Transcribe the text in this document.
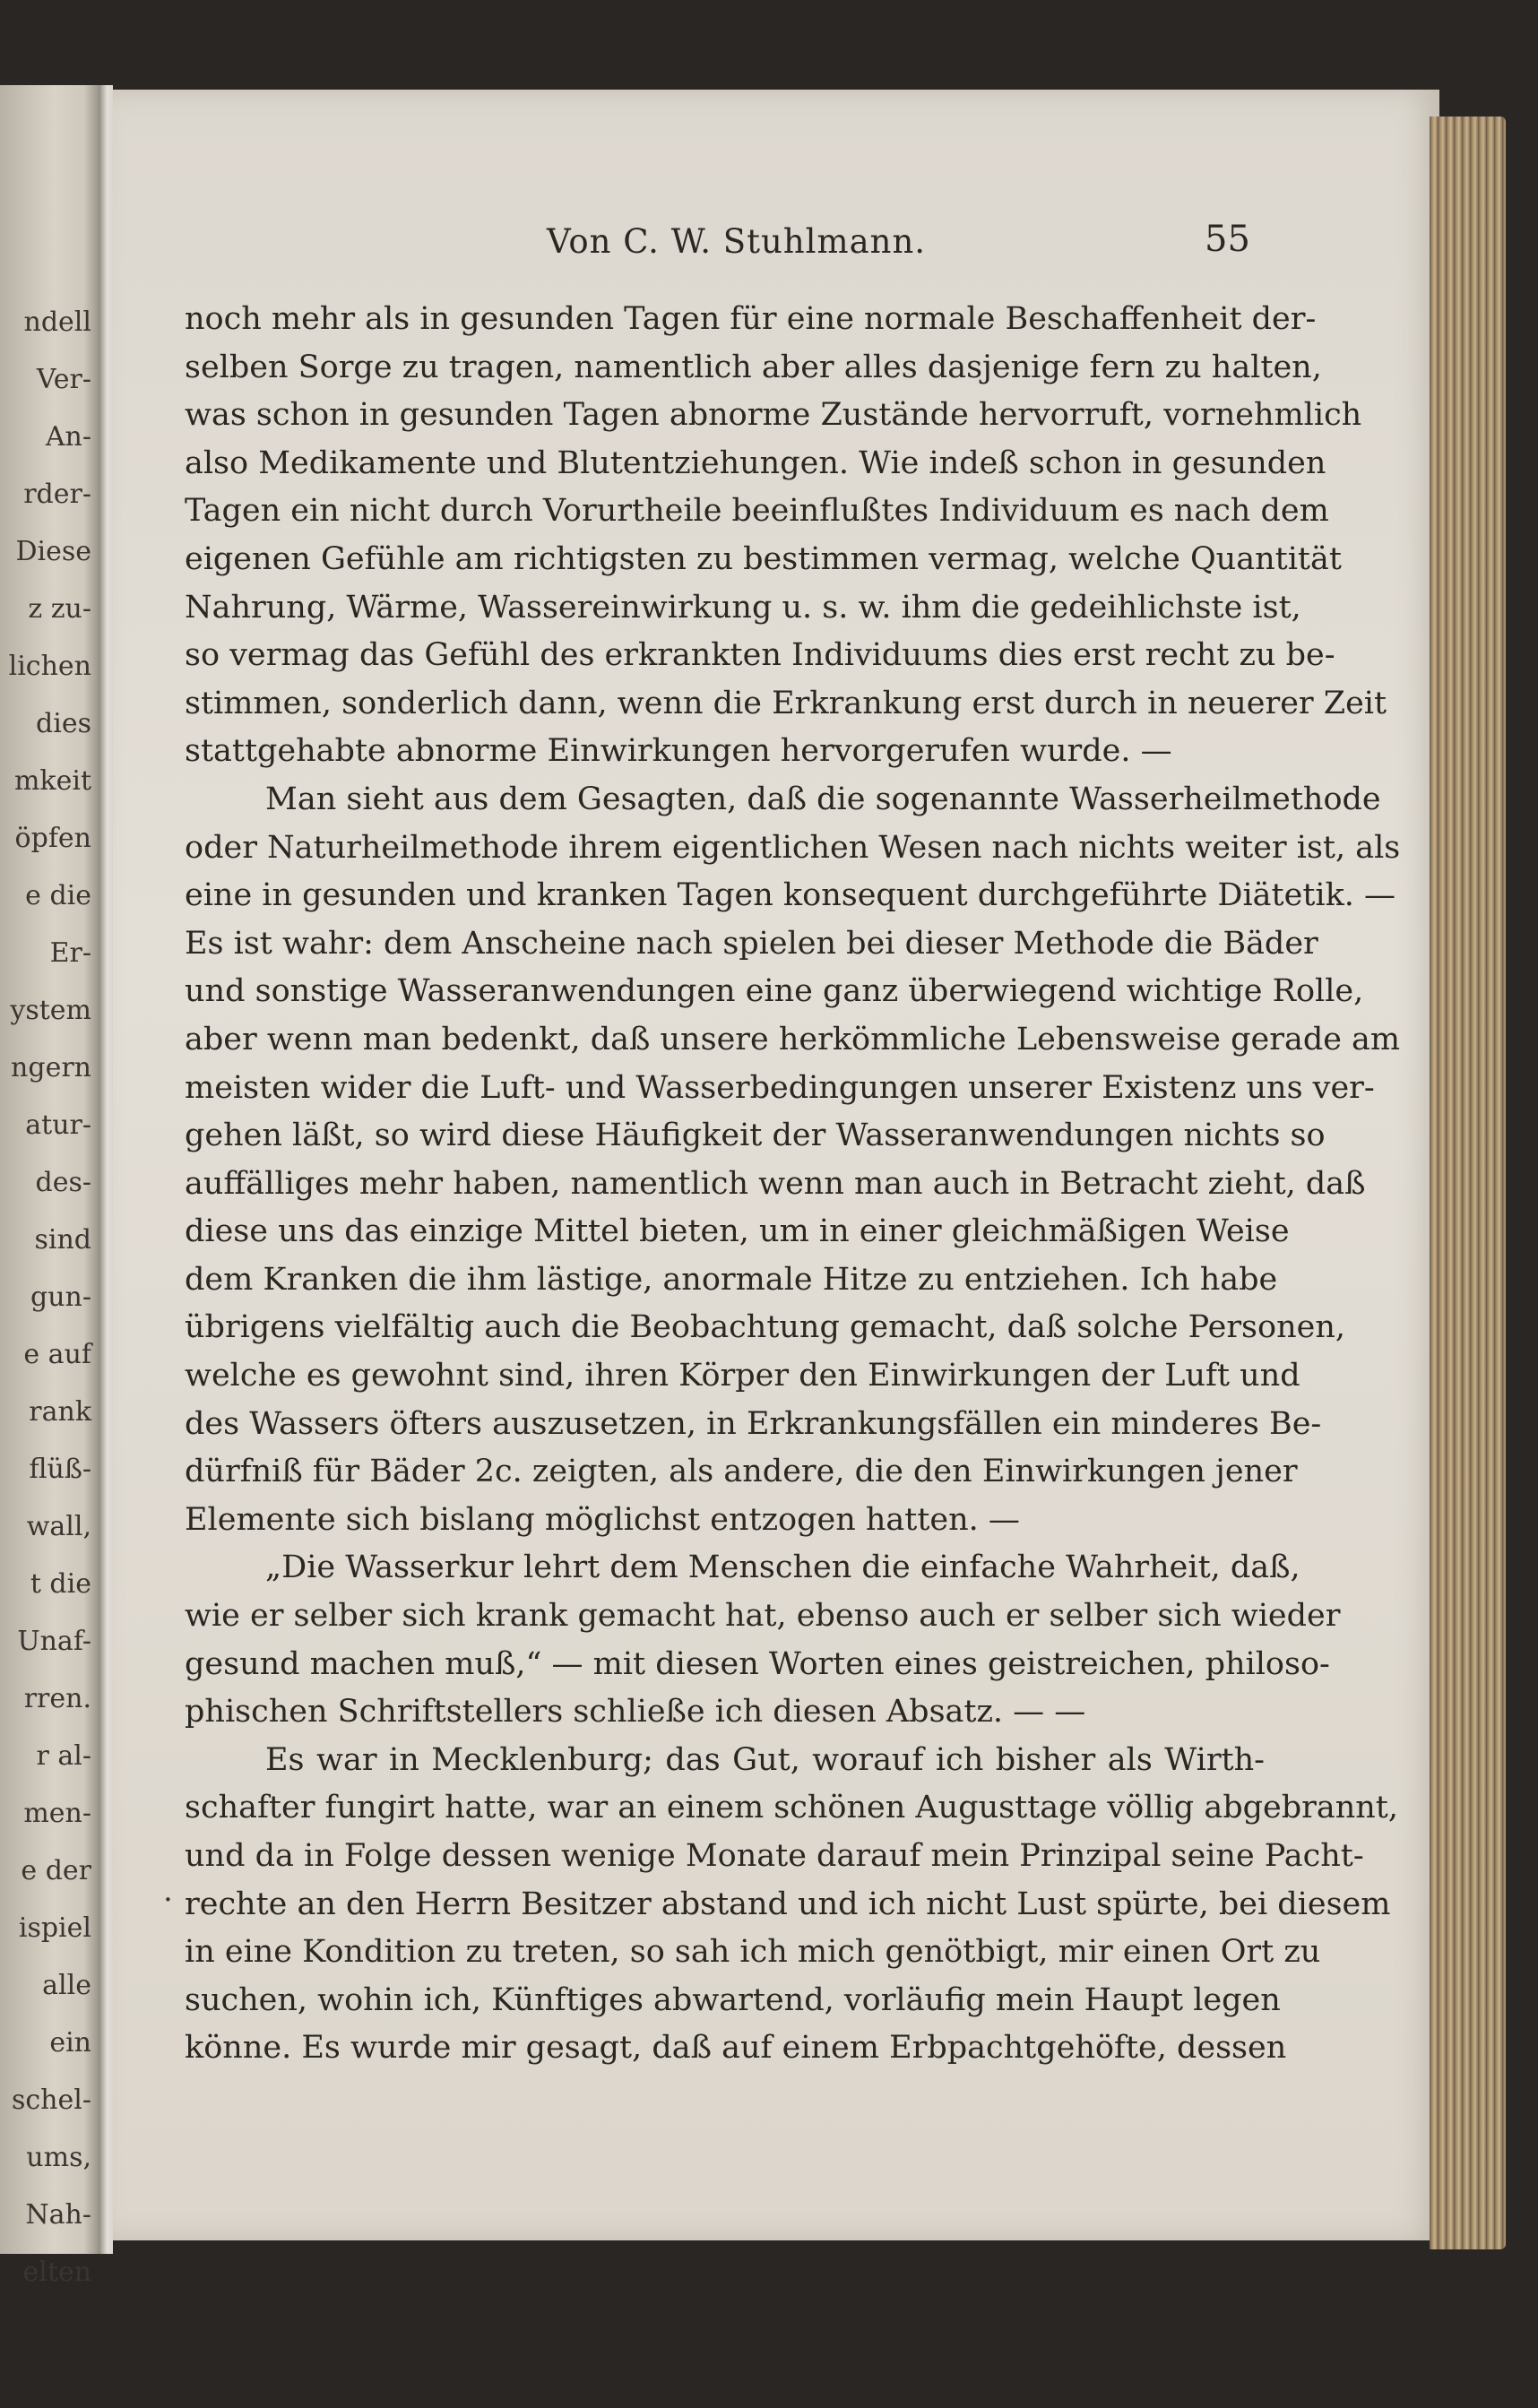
ndell
Ver-
An-
rder-
Diese
z zu-
lichen
dies
mkeit
öpfen
e die
Er-
ystem
ngern
atur-
des-
sind
gun-
e auf
rank
flüß-
wall,
t die
Unaf-
rren.
r al-
men-
e der
ispiel
alle
ein
schel-
ums,
Nah-
elten
Von C. W. Stuhlmann.	55
.
noch mehr als in gesunden Tagen für eine normale Beschaffenheit der-
selben Sorge zu tragen, namentlich aber alles dasjenige fern zu halten,
was schon in gesunden Tagen abnorme Zustände hervorruft, vornehmlich
also Medikamente und Blutentziehungen. Wie indeß schon in gesunden
Tagen ein nicht durch Vorurtheile beeinflußtes Individuum es nach dem
eigenen Gefühle am richtigsten zu bestimmen vermag, welche Quantität
Nahrung, Wärme, Wassereinwirkung u. s. w. ihm die gedeihlichste ist,
so vermag das Gefühl des erkrankten Individuums dies erst recht zu be-
stimmen, sonderlich dann, wenn die Erkrankung erst durch in neuerer Zeit
stattgehabte abnorme Einwirkungen hervorgerufen wurde. —
Man sieht aus dem Gesagten, daß die sogenannte Wasserheilmethode
oder Naturheilmethode ihrem eigentlichen Wesen nach nichts weiter ist, als
eine in gesunden und kranken Tagen konsequent durchgeführte Diätetik. —
Es ist wahr: dem Anscheine nach spielen bei dieser Methode die Bäder
und sonstige Wasseranwendungen eine ganz überwiegend wichtige Rolle,
aber wenn man bedenkt, daß unsere herkömmliche Lebensweise gerade am
meisten wider die Luft- und Wasserbedingungen unserer Existenz uns ver-
gehen läßt, so wird diese Häufigkeit der Wasseranwendungen nichts so
auffälliges mehr haben, namentlich wenn man auch in Betracht zieht, daß
diese uns das einzige Mittel bieten, um in einer gleichmäßigen Weise
dem Kranken die ihm lästige, anormale Hitze zu entziehen. Ich habe
übrigens vielfältig auch die Beobachtung gemacht, daß solche Personen,
welche es gewohnt sind, ihren Körper den Einwirkungen der Luft und
des Wassers öfters auszusetzen, in Erkrankungsfällen ein minderes Be-
dürfniß für Bäder 2c. zeigten, als andere, die den Einwirkungen jener
Elemente sich bislang möglichst entzogen hatten. —
„Die Wasserkur lehrt dem Menschen die einfache Wahrheit, daß,
wie er selber sich krank gemacht hat, ebenso auch er selber sich wieder
gesund machen muß,“ — mit diesen Worten eines geistreichen, philoso-
phischen Schriftstellers schließe ich diesen Absatz. — —
Es war in Mecklenburg; das Gut, worauf ich bisher als Wirth-
schafter fungirt hatte, war an einem schönen Augusttage völlig abgebrannt,
und da in Folge dessen wenige Monate darauf mein Prinzipal seine Pacht-
rechte an den Herrn Besitzer abstand und ich nicht Lust spürte, bei diesem
in eine Kondition zu treten, so sah ich mich genötbigt, mir einen Ort zu
suchen, wohin ich, Künftiges abwartend, vorläufig mein Haupt legen
könne. Es wurde mir gesagt, daß auf einem Erbpachtgehöfte, dessen
